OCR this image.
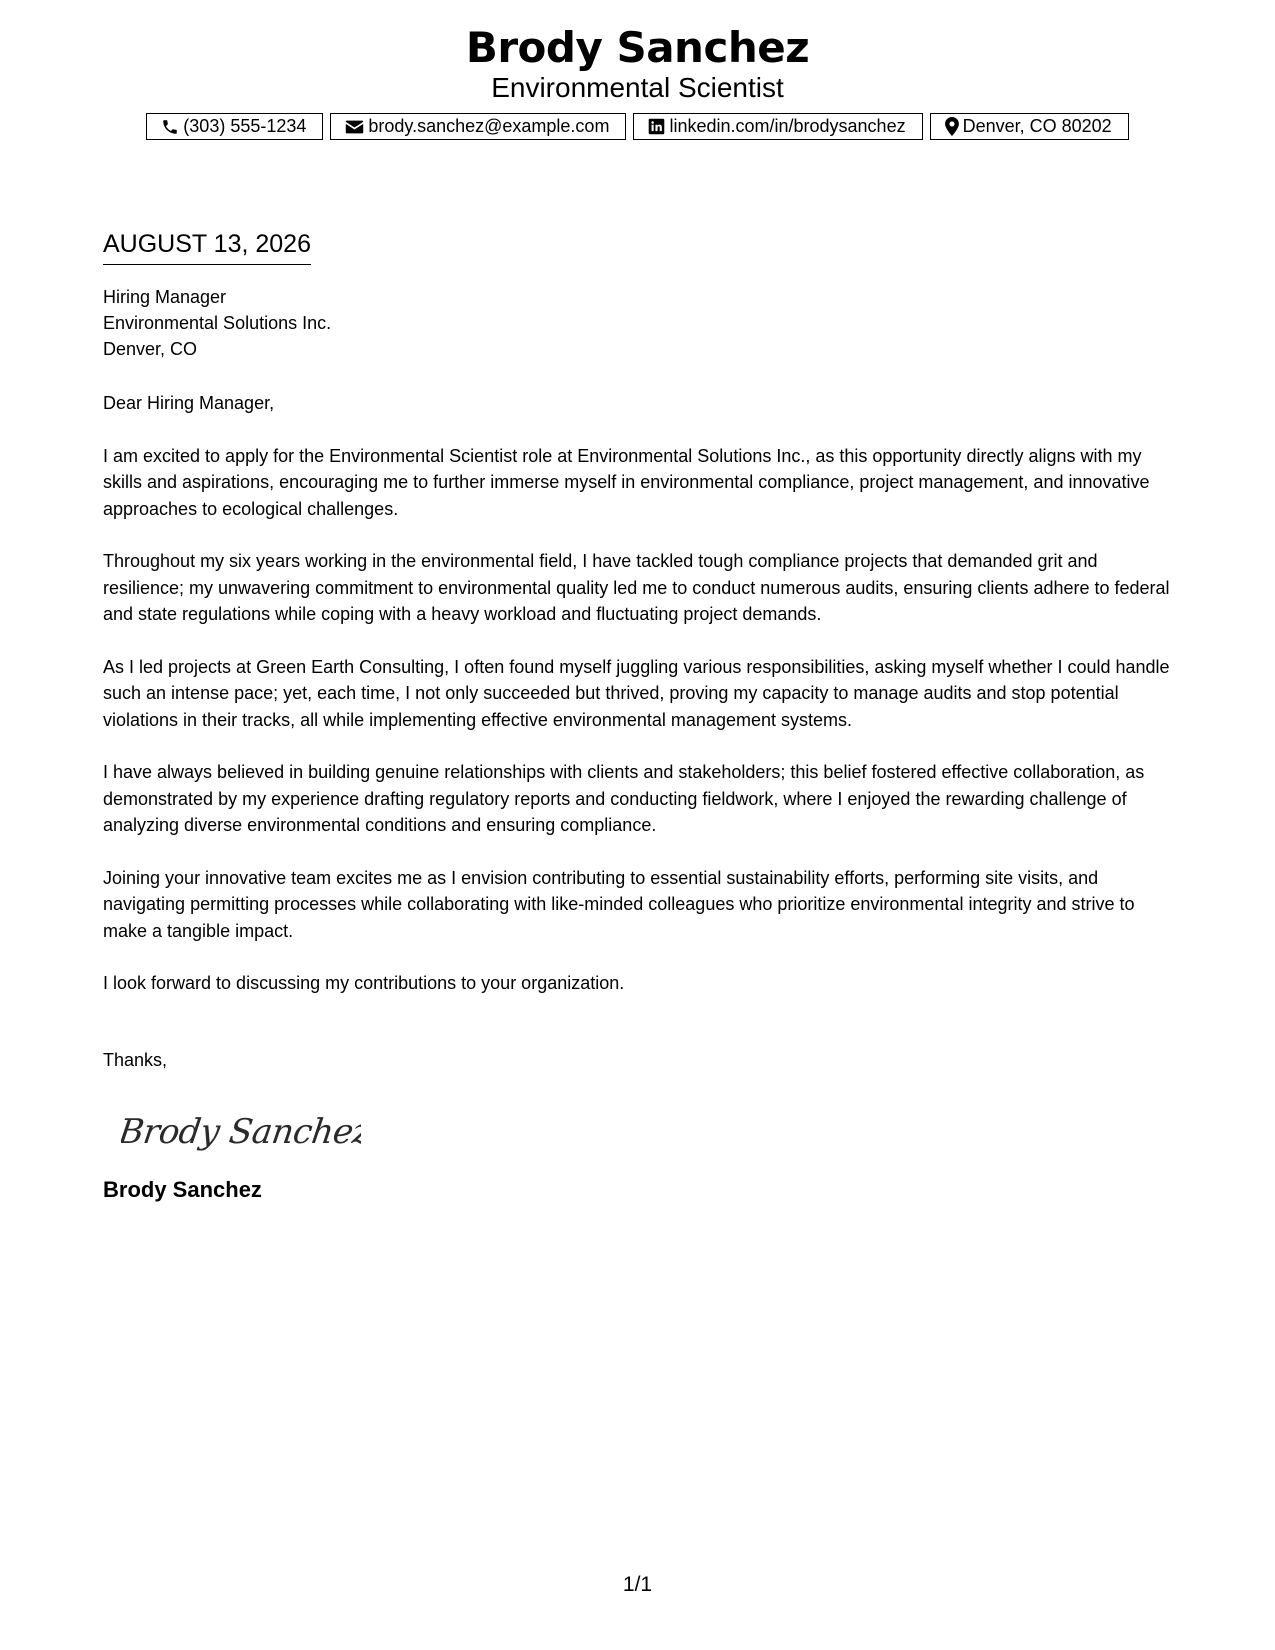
Brody Sanchez
Environmental Scientist
(303) 555-1234	brody.sanchez@example.com	linkedin.com/in/brodysanchez	Denver, CO 80202
AUGUST 13, 2026
Hiring Manager
Environmental Solutions Inc.
Denver, CO
Dear Hiring Manager,

I am excited to apply for the Environmental Scientist role at Environmental Solutions Inc., as this opportunity directly aligns with my skills and aspirations, encouraging me to further immerse myself in environmental compliance, project management, and innovative approaches to ecological challenges.

Throughout my six years working in the environmental field, I have tackled tough compliance projects that demanded grit and resilience; my unwavering commitment to environmental quality led me to conduct numerous audits, ensuring clients adhere to federal and state regulations while coping with a heavy workload and fluctuating project demands.

As I led projects at Green Earth Consulting, I often found myself juggling various responsibilities, asking myself whether I could handle such an intense pace; yet, each time, I not only succeeded but thrived, proving my capacity to manage audits and stop potential violations in their tracks, all while implementing effective environmental management systems.

I have always believed in building genuine relationships with clients and stakeholders; this belief fostered effective collaboration, as demonstrated by my experience drafting regulatory reports and conducting fieldwork, where I enjoyed the rewarding challenge of analyzing diverse environmental conditions and ensuring compliance.

Joining your innovative team excites me as I envision contributing to essential sustainability efforts, performing site visits, and navigating permitting processes while collaborating with like-minded colleagues who prioritize environmental integrity and strive to make a tangible impact.

I look forward to discussing my contributions to your organization.

Thanks,
Brody Sanchez
Brody Sanchez
1/1
